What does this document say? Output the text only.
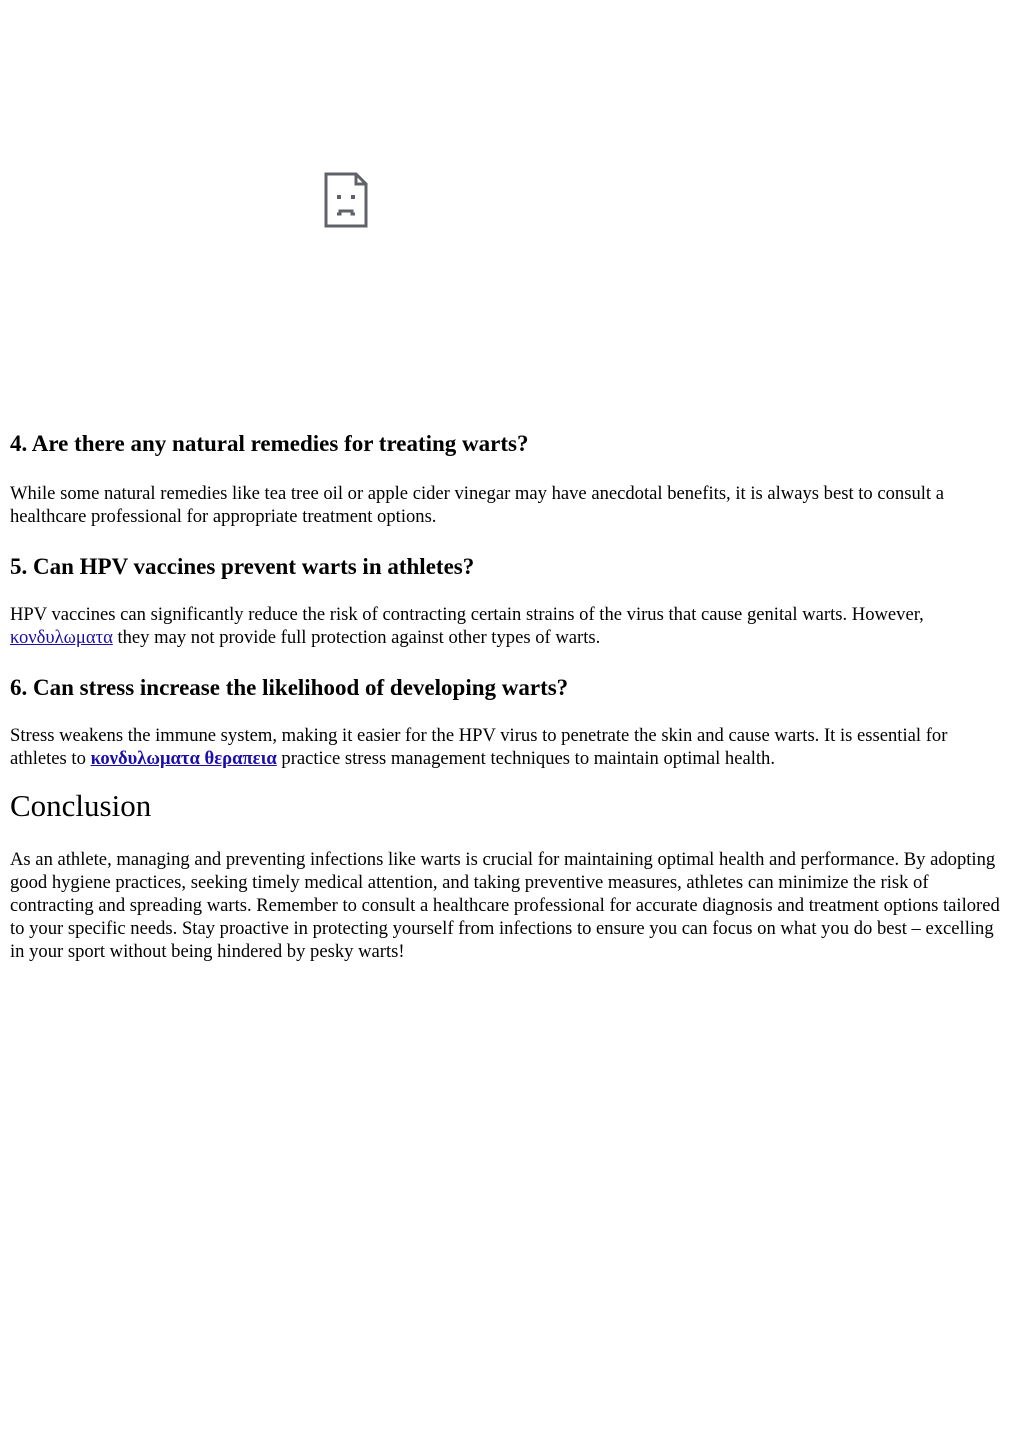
4. Are there any natural remedies for treating warts?

While some natural remedies like tea tree oil or apple cider vinegar may have anecdotal benefits, it is always best to consult a healthcare professional for appropriate treatment options.

5. Can HPV vaccines prevent warts in athletes?

HPV vaccines can significantly reduce the risk of contracting certain strains of the virus that cause genital warts. However, κονδυλωματα they may not provide full protection against other types of warts.

6. Can stress increase the likelihood of developing warts?

Stress weakens the immune system, making it easier for the HPV virus to penetrate the skin and cause warts. It is essential for athletes to κονδυλωματα θεραπεια practice stress management techniques to maintain optimal health.

Conclusion

As an athlete, managing and preventing infections like warts is crucial for maintaining optimal health and performance. By adopting good hygiene practices, seeking timely medical attention, and taking preventive measures, athletes can minimize the risk of contracting and spreading warts. Remember to consult a healthcare professional for accurate diagnosis and treatment options tailored to your specific needs. Stay proactive in protecting yourself from infections to ensure you can focus on what you do best – excelling in your sport without being hindered by pesky warts!
